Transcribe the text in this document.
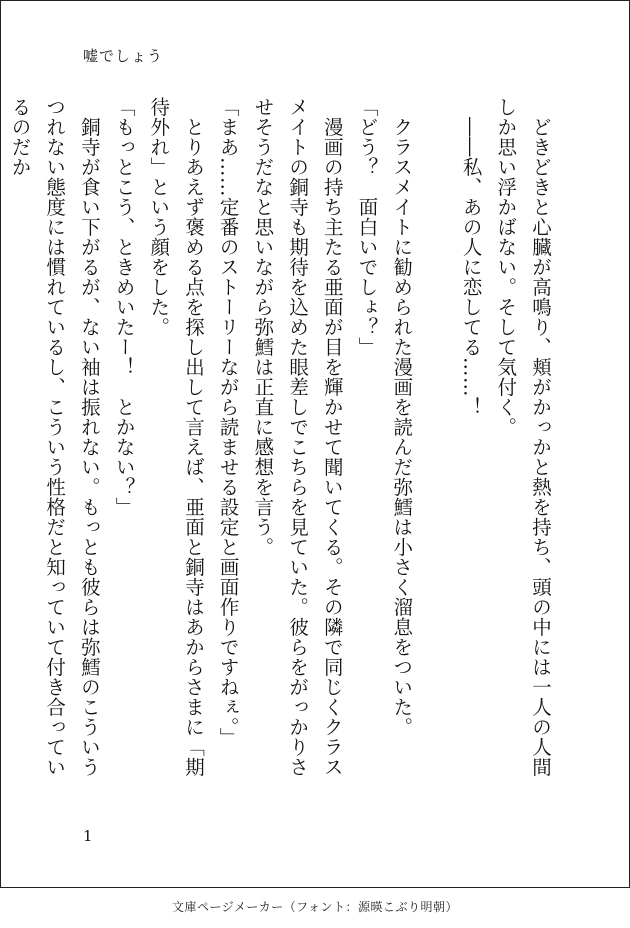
嘘でしょう

　どきどきと心臓が高鳴り、頬がかっかと熱を持ち、頭の中には一人の人間しか思い浮かばない。そして気付く。

　――私、あの人に恋してる……！

　クラスメイトに勧められた漫画を読んだ弥鱈は小さく溜息をついた。

「どう？　面白いでしょ？」

　漫画の持ち主たる亜面が目を輝かせて聞いてくる。その隣で同じくクラスメイトの銅寺も期待を込めた眼差しでこちらを見ていた。彼らをがっかりさせそうだなと思いながら弥鱈は正直に感想を言う。

「まあ……定番のストーリーながら読ませる設定と画面作りですねぇ。」

　とりあえず褒める点を探し出して言えば、亜面と銅寺はあからさまに「期待外れ」という顔をした。

「もっとこう、ときめいたー！　とかない？」

　銅寺が食い下がるが、ない袖は振れない。もっとも彼らは弥鱈のこういうつれない態度には慣れているし、こういう性格だと知っていて付き合っているのだか

1
文庫ページメーカー（フォント：源暎こぶり明朝）
